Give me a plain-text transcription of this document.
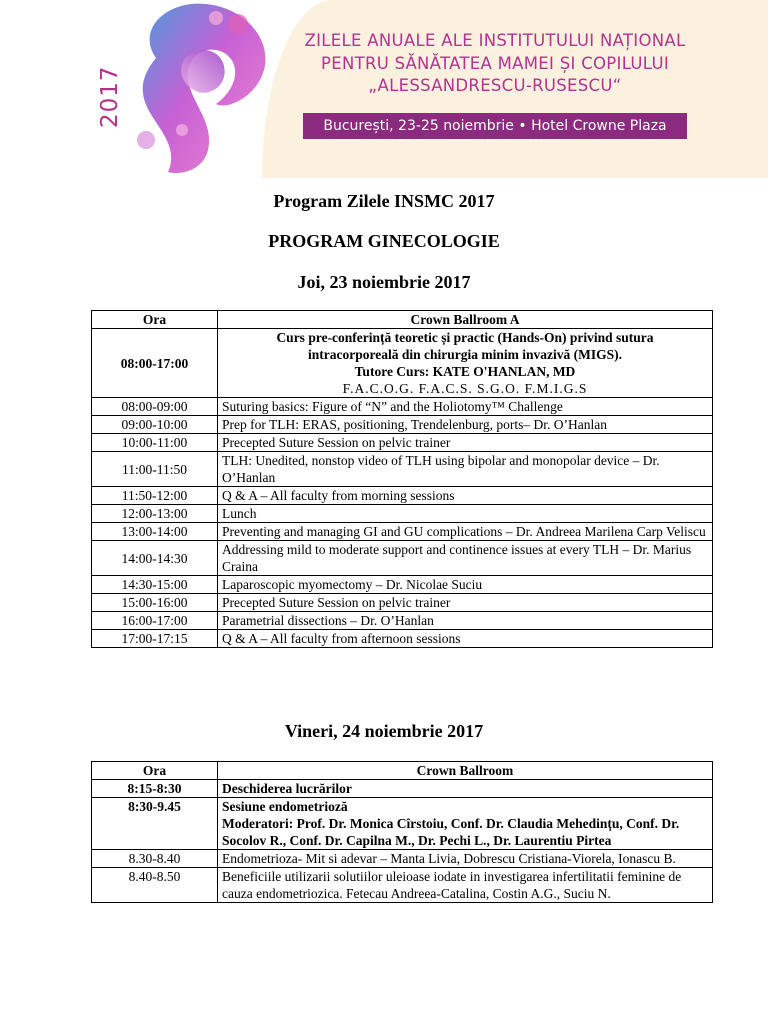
2017
ZILELE ANUALE ALE INSTITUTULUI NAȚIONAL
PENTRU SĂNĂTATEA MAMEI ȘI COPILULUI
„ALESSANDRESCU-RUSESCU“
București, 23-25 noiembrie • Hotel Crowne Plaza
Program Zilele INSMC 2017
PROGRAM GINECOLOGIE
Joi, 23 noiembrie 2017
Ora	Crown Ballroom A
08:00-17:00	Curs pre-conferință teoretic și practic (Hands-On) privind sutura
intracorporeală din chirurgia minim invazivă (MIGS).
Tutore Curs: KATE O'HANLAN, MD
F.A.C.O.G. F.A.C.S. S.G.O. F.M.I.G.S

08:00-09:00	Suturing basics: Figure of “N” and the Holiotomy™ Challenge
09:00-10:00	Prep for TLH: ERAS, positioning, Trendelenburg, ports– Dr. O’Hanlan
10:00-11:00	Precepted Suture Session on pelvic trainer
11:00-11:50	TLH: Unedited, nonstop video of TLH using bipolar and monopolar device – Dr. O’Hanlan
11:50-12:00	Q & A – All faculty from morning sessions
12:00-13:00	Lunch
13:00-14:00	Preventing and managing GI and GU complications – Dr. Andreea Marilena Carp Veliscu
14:00-14:30	Addressing mild to moderate support and continence issues at every TLH – Dr. Marius Craina
14:30-15:00	Laparoscopic myomectomy – Dr. Nicolae Suciu
15:00-16:00	Precepted Suture Session on pelvic trainer
16:00-17:00	Parametrial dissections – Dr. O’Hanlan
17:00-17:15	Q & A – All faculty from afternoon sessions
Vineri, 24 noiembrie 2017
Ora	Crown Ballroom
8:15-8:30	Deschiderea lucrărilor
8:30-9.45	Sesiune endometrioză
Moderatori: Prof. Dr. Monica Cîrstoiu, Conf. Dr. Claudia Mehedințu, Conf. Dr. Socolov R., Conf. Dr. Capilna M., Dr. Pechi L., Dr. Laurentiu Pirtea

8.30-8.40	Endometrioza- Mit si adevar – Manta Livia, Dobrescu Cristiana-Viorela, Ionascu B.
8.40-8.50	Beneficiile utilizarii solutiilor uleioase iodate in investigarea infertilitatii feminine de cauza endometriozica. Fetecau Andreea-Catalina, Costin A.G., Suciu N.
